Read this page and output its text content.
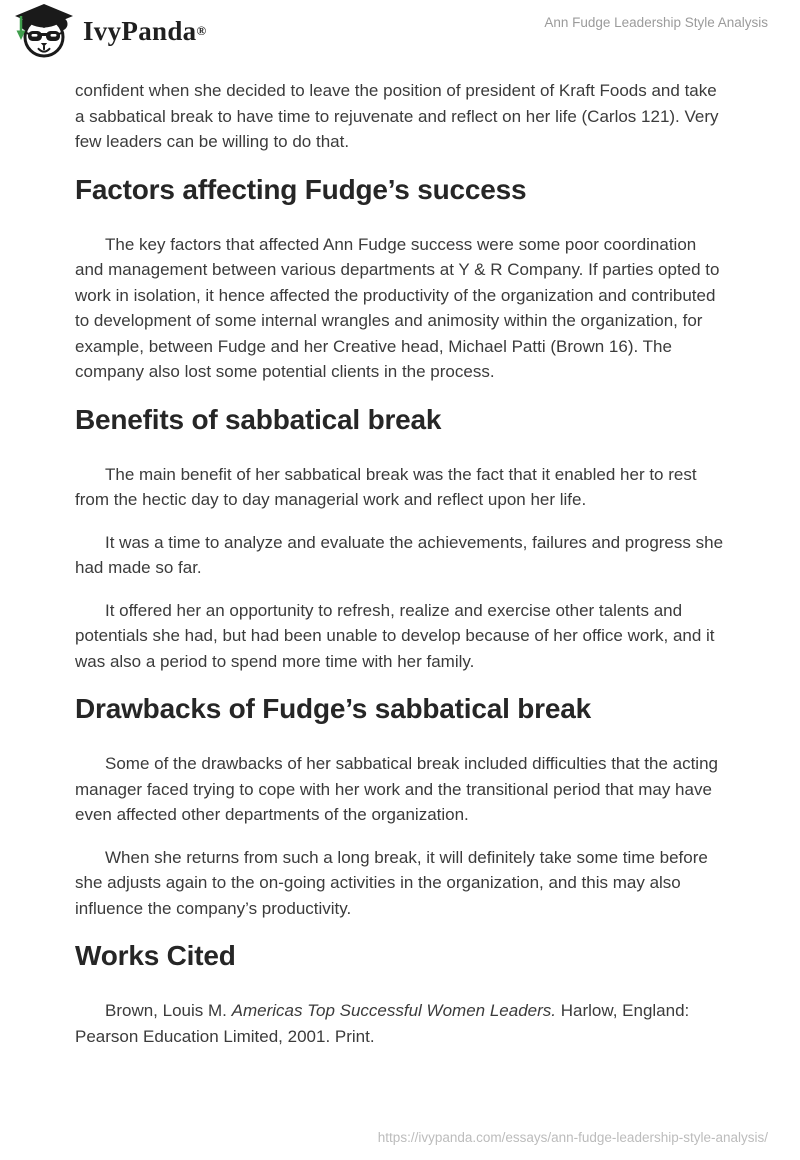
IvyPanda ®
Ann Fudge Leadership Style Analysis

confident when she decided to leave the position of president of Kraft Foods and take a sabbatical break to have time to rejuvenate and reflect on her life (Carlos 121). Very few leaders can be willing to do that.

Factors affecting Fudge’s success

The key factors that affected Ann Fudge success were some poor coordination and management between various departments at Y & R Company. If parties opted to work in isolation, it hence affected the productivity of the organization and contributed to development of some internal wrangles and animosity within the organization, for example, between Fudge and her Creative head, Michael Patti (Brown 16). The company also lost some potential clients in the process.

Benefits of sabbatical break

The main benefit of her sabbatical break was the fact that it enabled her to rest from the hectic day to day managerial work and reflect upon her life.

It was a time to analyze and evaluate the achievements, failures and progress she had made so far.

It offered her an opportunity to refresh, realize and exercise other talents and potentials she had, but had been unable to develop because of her office work, and it was also a period to spend more time with her family.

Drawbacks of Fudge’s sabbatical break

Some of the drawbacks of her sabbatical break included difficulties that the acting manager faced trying to cope with her work and the transitional period that may have even affected other departments of the organization.

When she returns from such a long break, it will definitely take some time before she adjusts again to the on-going activities in the organization, and this may also influence the company’s productivity.

Works Cited

Brown, Louis M. Americas Top Successful Women Leaders. Harlow, England: Pearson Education Limited, 2001. Print.

https://ivypanda.com/essays/ann-fudge-leadership-style-analysis/
